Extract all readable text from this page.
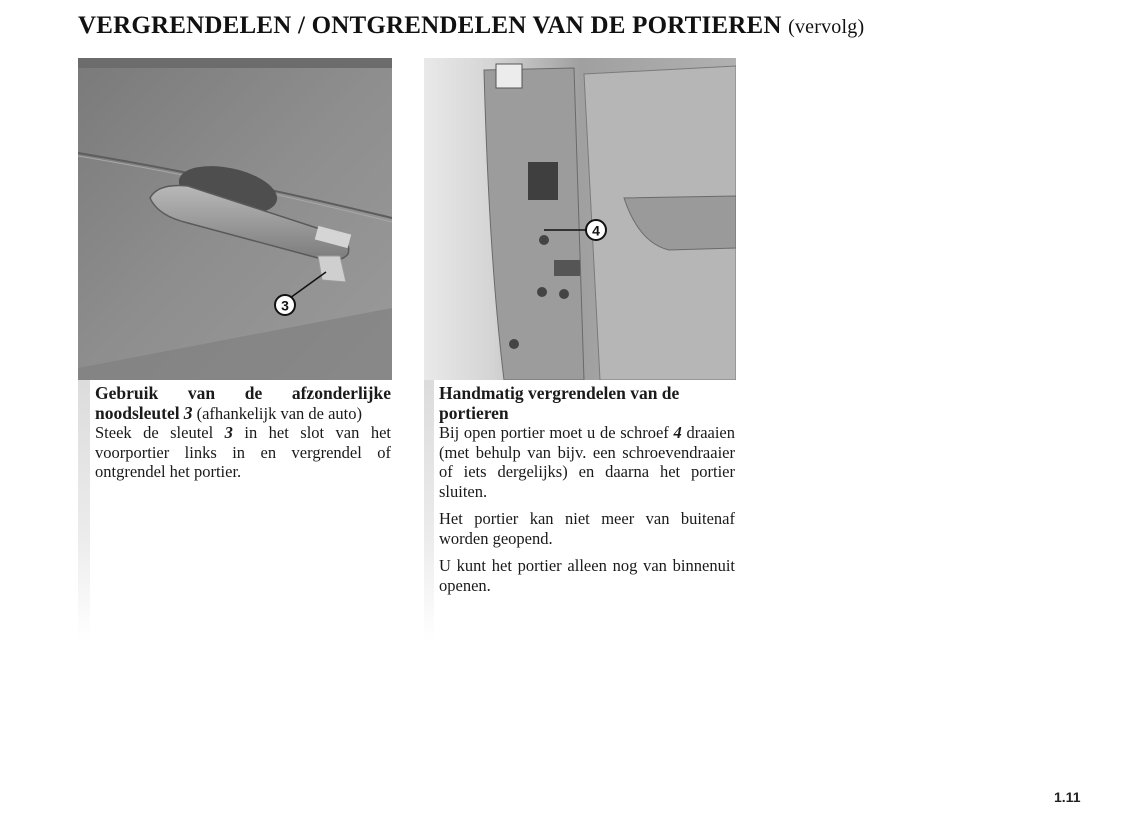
VERGRENDELEN / ONTGRENDELEN VAN DE PORTIEREN (vervolg)
3
4

Gebruik van de afzonderlijke noodsleutel 3 (afhankelijk van de auto)

Steek de sleutel 3 in het slot van het voorportier links in en vergrendel of ontgrendel het portier.

Handmatig vergrendelen van de portieren

Bij open portier moet u de schroef 4 draaien (met behulp van bijv. een schroevendraaier of iets dergelijks) en daarna het portier sluiten.

Het portier kan niet meer van buitenaf worden geopend.

U kunt het portier alleen nog van binnenuit openen.

1.11
